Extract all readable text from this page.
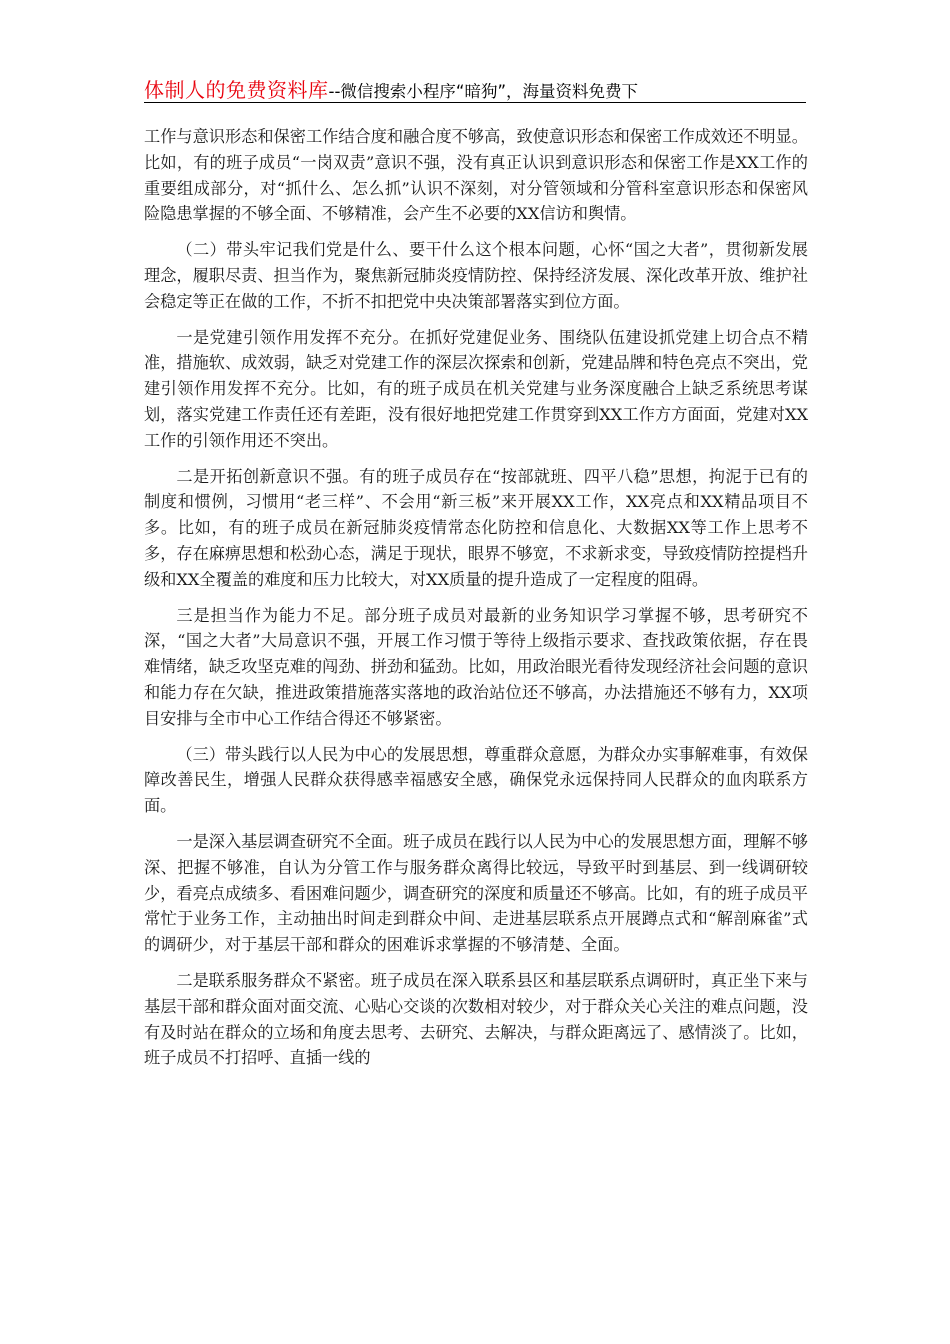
体制人的免费资料库--微信搜索小程序“暗狗”，海量资料免费下

工作与意识形态和保密工作结合度和融合度不够高，致使意识形态和保密工作成效还不明显。比如，有的班子成员“一岗双责”意识不强，没有真正认识到意识形态和保密工作是XX工作的重要组成部分，对“抓什么、怎么抓”认识不深刻，对分管领域和分管科室意识形态和保密风险隐患掌握的不够全面、不够精准，会产生不必要的XX信访和舆情。

（二）带头牢记我们党是什么、要干什么这个根本问题，心怀“国之大者”，贯彻新发展理念，履职尽责、担当作为，聚焦新冠肺炎疫情防控、保持经济发展、深化改革开放、维护社会稳定等正在做的工作，不折不扣把党中央决策部署落实到位方面。

一是党建引领作用发挥不充分。在抓好党建促业务、围绕队伍建设抓党建上切合点不精准，措施软、成效弱，缺乏对党建工作的深层次探索和创新，党建品牌和特色亮点不突出，党建引领作用发挥不充分。比如，有的班子成员在机关党建与业务深度融合上缺乏系统思考谋划，落实党建工作责任还有差距，没有很好地把党建工作贯穿到XX工作方方面面，党建对XX工作的引领作用还不突出。

二是开拓创新意识不强。有的班子成员存在“按部就班、四平八稳”思想，拘泥于已有的制度和惯例，习惯用“老三样”、不会用“新三板”来开展XX工作，XX亮点和XX精品项目不多。比如，有的班子成员在新冠肺炎疫情常态化防控和信息化、大数据XX等工作上思考不多，存在麻痹思想和松劲心态，满足于现状，眼界不够宽，不求新求变，导致疫情防控提档升级和XX全覆盖的难度和压力比较大，对XX质量的提升造成了一定程度的阻碍。

三是担当作为能力不足。部分班子成员对最新的业务知识学习掌握不够，思考研究不深，“国之大者”大局意识不强，开展工作习惯于等待上级指示要求、查找政策依据，存在畏难情绪，缺乏攻坚克难的闯劲、拼劲和猛劲。比如，用政治眼光看待发现经济社会问题的意识和能力存在欠缺，推进政策措施落实落地的政治站位还不够高，办法措施还不够有力，XX项目安排与全市中心工作结合得还不够紧密。

（三）带头践行以人民为中心的发展思想，尊重群众意愿，为群众办实事解难事，有效保障改善民生，增强人民群众获得感幸福感安全感，确保党永远保持同人民群众的血肉联系方面。

一是深入基层调查研究不全面。班子成员在践行以人民为中心的发展思想方面，理解不够深、把握不够准，自认为分管工作与服务群众离得比较远，导致平时到基层、到一线调研较少，看亮点成绩多、看困难问题少，调查研究的深度和质量还不够高。比如，有的班子成员平常忙于业务工作，主动抽出时间走到群众中间、走进基层联系点开展蹲点式和“解剖麻雀”式的调研少，对于基层干部和群众的困难诉求掌握的不够清楚、全面。

二是联系服务群众不紧密。班子成员在深入联系县区和基层联系点调研时，真正坐下来与基层干部和群众面对面交流、心贴心交谈的次数相对较少，对于群众关心关注的难点问题，没有及时站在群众的立场和角度去思考、去研究、去解决，与群众距离远了、感情淡了。比如，班子成员不打招呼、直插一线的
